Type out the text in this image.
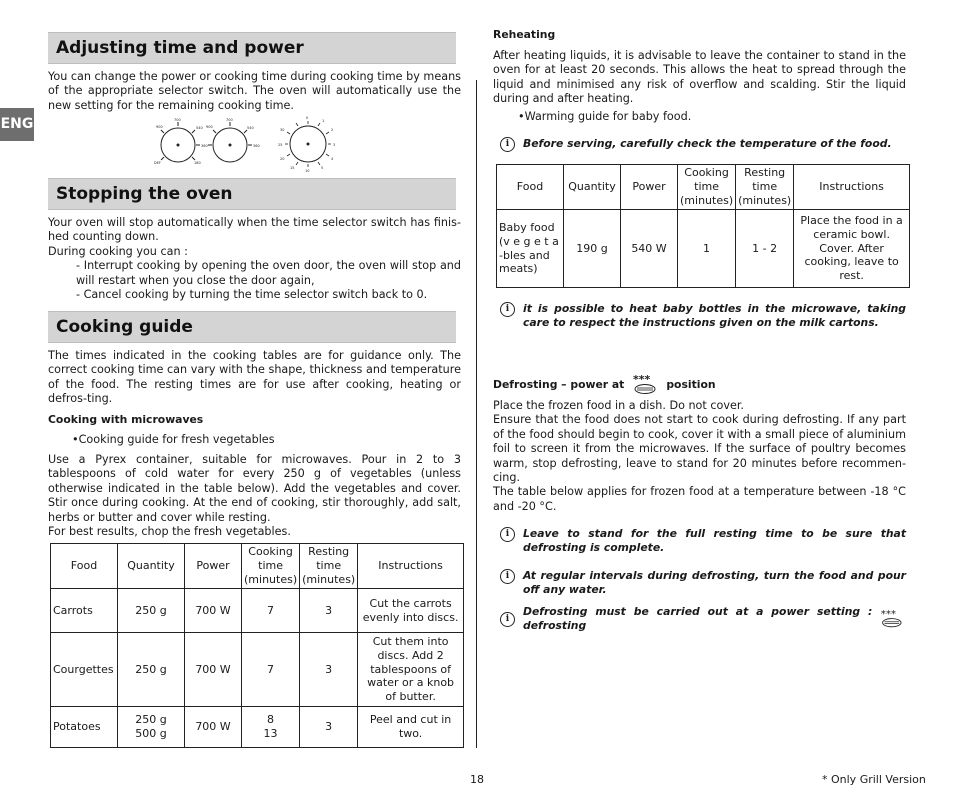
ENG
Adjusting time and power

You can change the power or cooking time during cooking time by means of the appropriate selector switch. The oven will automatically use the new setting for the remaining cooking time.

700
540
360
180
900
DEF
700
540
360
900
0
1
2
3
4
5
10
15
20
25
30
Stopping the oven

Your oven will stop automatically when the time selector switch has finis-hed counting down.

During cooking you can :

- Interrupt cooking by opening the oven door, the oven will stop and will restart when you close the door again,

- Cancel cooking by turning the time selector switch back to 0.

Cooking guide

The times indicated in the cooking tables are for guidance only. The correct cooking time can vary with the shape, thickness and temperature of the food. The resting times are for use after cooking, heating or defros-ting.

Cooking with microwaves

•Cooking guide for fresh vegetables

Use a Pyrex container, suitable for microwaves. Pour in 2 to 3 tablespoons of cold water for every 250 g of vegetables (unless otherwise indicated in the table below). Add the vegetables and cover. Stir once during cooking. At the end of cooking, stir thoroughly, add salt, herbs or butter and cover while resting.

For best results, chop the fresh vegetables.

Food	Quantity	Power	Cooking time (minutes)	Resting time (minutes)	Instructions
Carrots	250 g	700 W	7	3	Cut the carrots evenly into discs.
Courgettes	250 g	700 W	7	3	Cut them into discs. Add 2 tablespoons of water or a knob of butter.
Potatoes	250 g
500 g	700 W	8
13	3	Peel and cut in two.
Reheating

After heating liquids, it is advisable to leave the container to stand in the oven for at least 20 seconds. This allows the heat to spread through the liquid and minimised any risk of overflow and scalding. Stir the liquid during and after heating.

•Warming guide for baby food.

i	Before serving, carefully check the temperature of the food.
Food	Quantity	Power	Cooking time (minutes)	Resting time (minutes)	Instructions
Baby food (v e g e t a -bles and meats)	190 g	540 W	1	1 - 2	Place the food in a ceramic bowl. Cover. After cooking, leave to rest.
i	it is possible to heat baby bottles in the microwave, taking care to respect the instructions given on the milk cartons.
Defrosting – power at *** position

Place the frozen food in a dish. Do not cover.

Ensure that the food does not start to cook during defrosting. If any part of the food should begin to cook, cover it with a small piece of aluminium foil to screen it from the microwaves. If the surface of poultry becomes warm, stop defrosting, leave to stand for 20 minutes before recommen-cing.

The table below applies for frozen food at a temperature between -18 °C and -20 °C.

i	Leave to stand for the full resting time to be sure that defrosting is complete.
i	At regular intervals during defrosting, turn the food and pour off any water.
i
Defrosting must be carried out at a power setting : defrosting
***
18	* Only Grill Version
